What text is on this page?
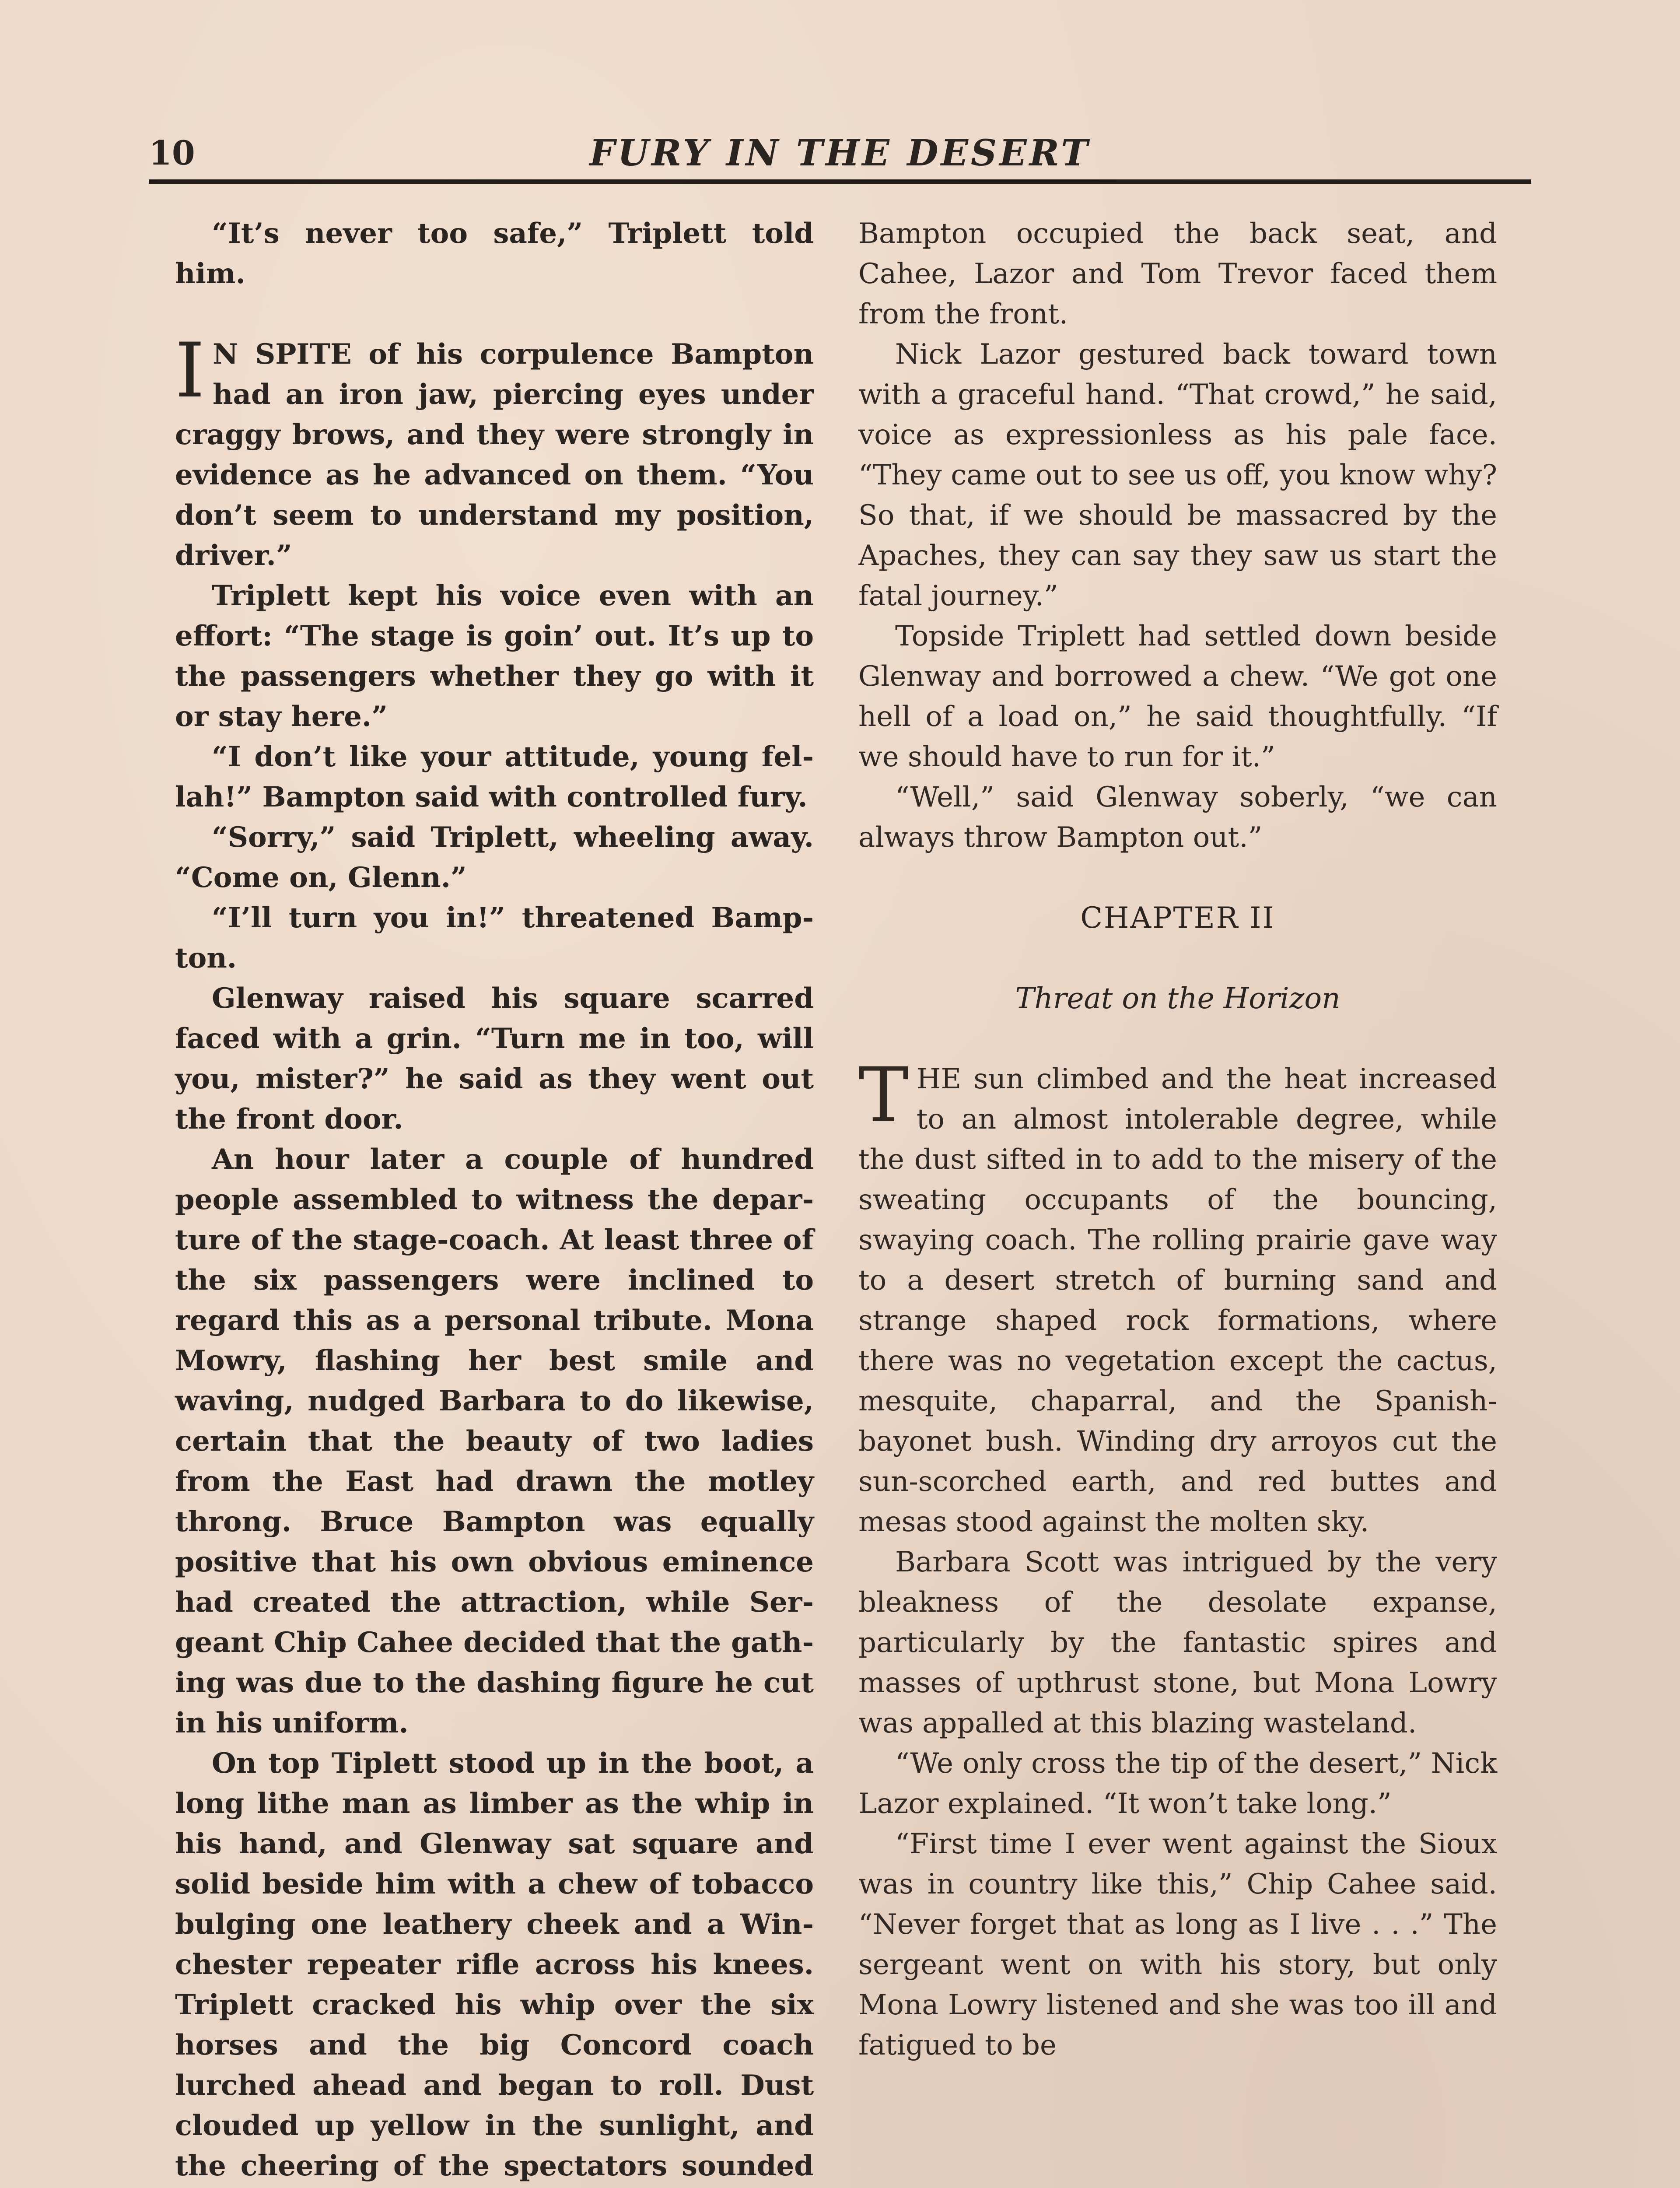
10	FURY IN THE DESERT

“It’s never too safe,” Triplett told him.

I N SPITE of his corpulence Bampton had an iron jaw, piercing eyes under craggy brows, and they were strongly in evidence as he advanced on them. “You don’t seem to understand my position, driver.”

Triplett kept his voice even with an effort: “The stage is goin’ out. It’s up to the passengers whether they go with it or stay here.”

“I don’t like your attitude, young fellah!” Bampton said with controlled fury.

“Sorry,” said Triplett, wheeling away. “Come on, Glenn.”

“I’ll turn you in!” threatened Bampton.

Glenway raised his square scarred faced with a grin. “Turn me in too, will you, mister?” he said as they went out the front door.

An hour later a couple of hundred people assembled to witness the departure of the stage-coach. At least three of the six passengers were inclined to regard this as a personal tribute. Mona Mowry, flashing her best smile and waving, nudged Barbara to do likewise, certain that the beauty of two ladies from the East had drawn the motley throng. Bruce Bampton was equally positive that his own obvious eminence had created the attraction, while Sergeant Chip Cahee decided that the gathing was due to the dashing figure he cut in his uniform.

On top Tiplett stood up in the boot, a long lithe man as limber as the whip in his hand, and Glenway sat square and solid beside him with a chew of tobacco bulging one leathery cheek and a Winchester repeater rifle across his knees. Triplett cracked his whip over the six horses and the big Concord coach lurched ahead and began to roll. Dust clouded up yellow in the sunlight, and the cheering of the spectators sounded

Bampton occupied the back seat, and Cahee, Lazor and Tom Trevor faced them from the front.

Nick Lazor gestured back toward town with a graceful hand. “That crowd,” he said, voice as expressionless as his pale face. “They came out to see us off, you know why? So that, if we should be massacred by the Apaches, they can say they saw us start the fatal journey.”

Topside Triplett had settled down beside Glenway and borrowed a chew. “We got one hell of a load on,” he said thoughtfully. “If we should have to run for it.”

“Well,” said Glenway soberly, “we can always throw Bampton out.”

CHAPTER II
Threat on the Horizon

THE sun climbed and the heat increased to an almost intolerable degree, while the dust sifted in to add to the misery of the sweating occupants of the bouncing, swaying coach. The rolling prairie gave way to a desert stretch of burning sand and strange shaped rock formations, where there was no vegetation except the cactus, mesquite, chaparral, and the Spanishbayonet bush. Winding dry arroyos cut the sun-scorched earth, and red buttes and mesas stood against the molten sky.

Barbara Scott was intrigued by the very bleakness of the desolate expanse, particularly by the fantastic spires and masses of upthrust stone, but Mona Lowry was appalled at this blazing wasteland.

“We only cross the tip of the desert,” Nick Lazor explained. “It won’t take long.”

“First time I ever went against the Sioux was in country like this,” Chip Cahee said. “Never forget that as long as I live . . .” The sergeant went on with his story, but only Mona Lowry listened and she was too ill and fatigued to be
